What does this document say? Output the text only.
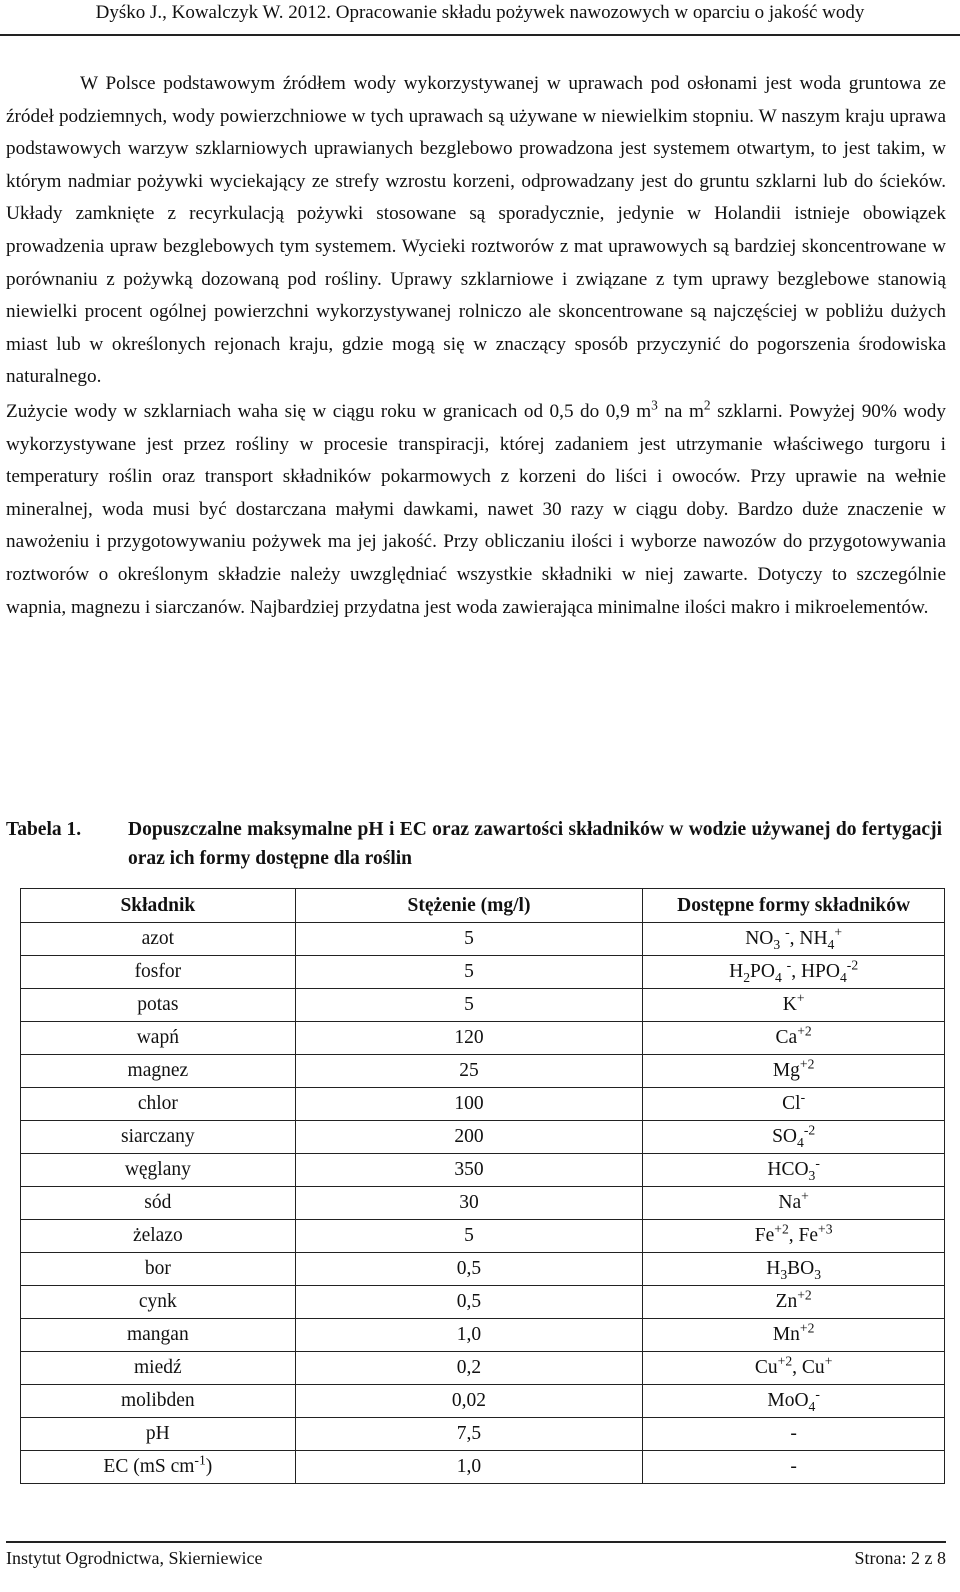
Dyśko J., Kowalczyk W. 2012. Opracowanie składu pożywek nawozowych w oparciu o jakość wody

W Polsce podstawowym źródłem wody wykorzystywanej w uprawach pod osłonami jest woda gruntowa ze źródeł podziemnych, wody powierzchniowe w tych uprawach są używane w niewielkim stopniu. W naszym kraju uprawa podstawowych warzyw szklarniowych uprawianych bezglebowo prowadzona jest systemem otwartym, to jest takim, w którym nadmiar pożywki wyciekający ze strefy wzrostu korzeni, odprowadzany jest do gruntu szklarni lub do ścieków. Układy zamknięte z recyrkulacją pożywki stosowane są sporadycznie, jedynie w Holandii istnieje obowiązek prowadzenia upraw bezglebowych tym systemem. Wycieki roztworów z mat uprawowych są bardziej skoncentrowane w porównaniu z pożywką dozowaną pod rośliny. Uprawy szklarniowe i związane z tym uprawy bezglebowe stanowią niewielki procent ogólnej powierzchni wykorzystywanej rolniczo ale skoncentrowane są najczęściej w pobliżu dużych miast lub w określonych rejonach kraju, gdzie mogą się w znaczący sposób przyczynić do pogorszenia środowiska naturalnego.

Zużycie wody w szklarniach waha się w ciągu roku w granicach od 0,5 do 0,9 $m^3$ na $m^2$ szklarni. Powyżej 90% wody wykorzystywane jest przez rośliny w procesie transpiracji, której zadaniem jest utrzymanie właściwego turgoru i temperatury roślin oraz transport składników pokarmowych z korzeni do liści i owoców. Przy uprawie na wełnie mineralnej, woda musi być dostarczana małymi dawkami, nawet 30 razy w ciągu doby. Bardzo duże znaczenie w nawożeniu i przygotowywaniu pożywek ma jej jakość. Przy obliczaniu ilości i wyborze nawozów do przygotowywania roztworów o określonym składzie należy uwzględniać wszystkie składniki w niej zawarte. Dotyczy to szczególnie wapnia, magnezu i siarczanów. Najbardziej przydatna jest woda zawierająca minimalne ilości makro i mikroelementów.

Tabela 1. Dopuszczalne maksymalne pH i EC oraz zawartości składników w wodzie używanej do fertygacji oraz ich formy dostępne dla roślin
Składnik	Stężenie (mg/l)	Dostępne formy składników
azot	5	$NO_3$ -, $NH_4^+$
fosfor	5	$H_2PO_4$ -, $HPO_4^{-2}$
potas	5	K+
wapń	120	$Ca^{+2}$
magnez	25	$Mg^{+2}$
chlor	100	Cl-
siarczany	200	$SO_4^{-2}$
węglany	350	$HCO_3^-$
sód	30	Na+
żelazo	5	$Fe^{+2}$, $Fe^{+3}$
bor	0,5	$H_3BO_3$
cynk	0,5	$Zn^{+2}$
mangan	1,0	$Mn^{+2}$
miedź	0,2	$Cu^{+2}$, Cu+
molibden	0,02	MoO$_4$-
pH	7,5	-
EC (mS $cm^{-1}$)	1,0	-
Instytut Ogrodnictwa, Skierniewice	Strona: 2 z 8
